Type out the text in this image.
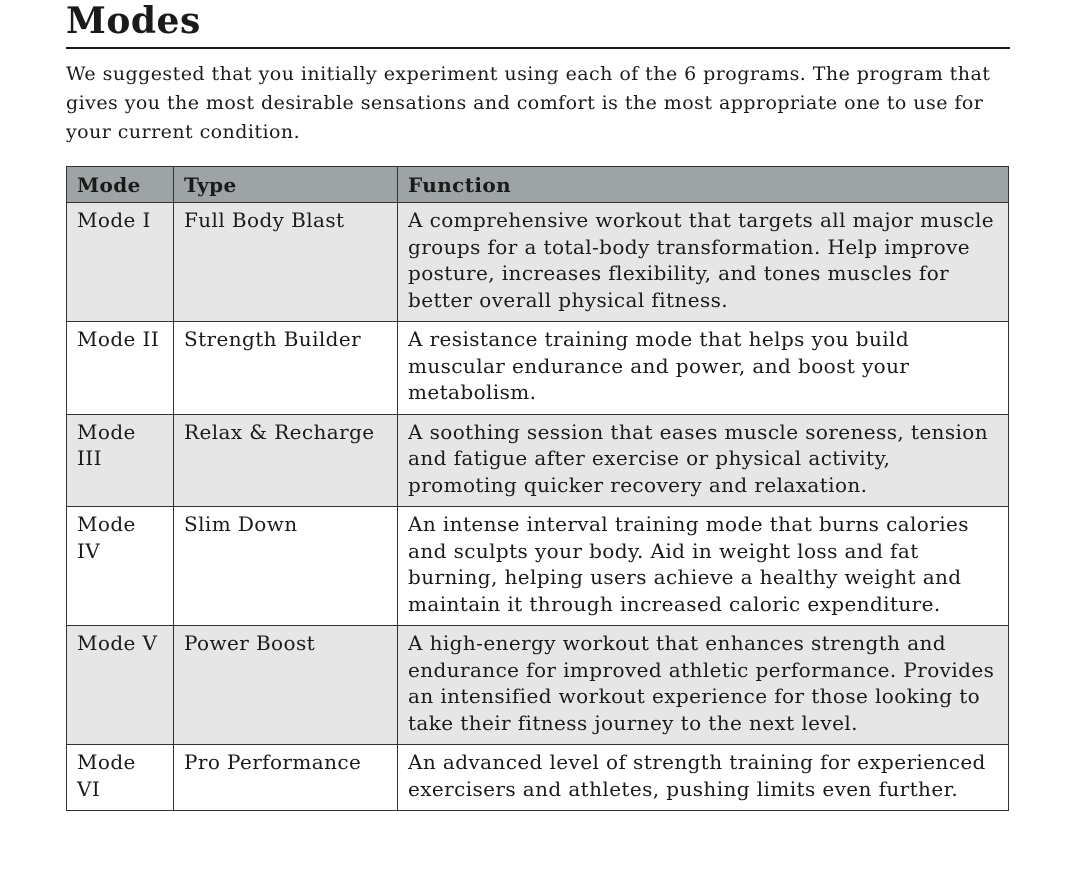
Modes

We suggested that you initially experiment using each of the 6 programs. The program that gives you the most desirable sensations and comfort is the most appropriate one to use for your current condition.

Mode	Type	Function
Mode I	Full Body Blast	A comprehensive workout that targets all major muscle groups for a total-body transformation. Help improve posture, increases flexibility, and tones muscles for better overall physical fitness.
Mode II	Strength Builder	A resistance training mode that helps you build muscular endurance and power, and boost your metabolism.
Mode III	Relax & Recharge	A soothing session that eases muscle soreness, tension and fatigue after exercise or physical activity, promoting quicker recovery and relaxation.
Mode IV	Slim Down	An intense interval training mode that burns calories and sculpts your body. Aid in weight loss and fat burning, helping users achieve a healthy weight and maintain it through increased caloric expenditure.
Mode V	Power Boost	A high-energy workout that enhances strength and endurance for improved athletic performance. Provides an intensified workout experience for those looking to take their fitness journey to the next level.
Mode VI	Pro Performance	An advanced level of strength training for experienced exercisers and athletes, pushing limits even further.
